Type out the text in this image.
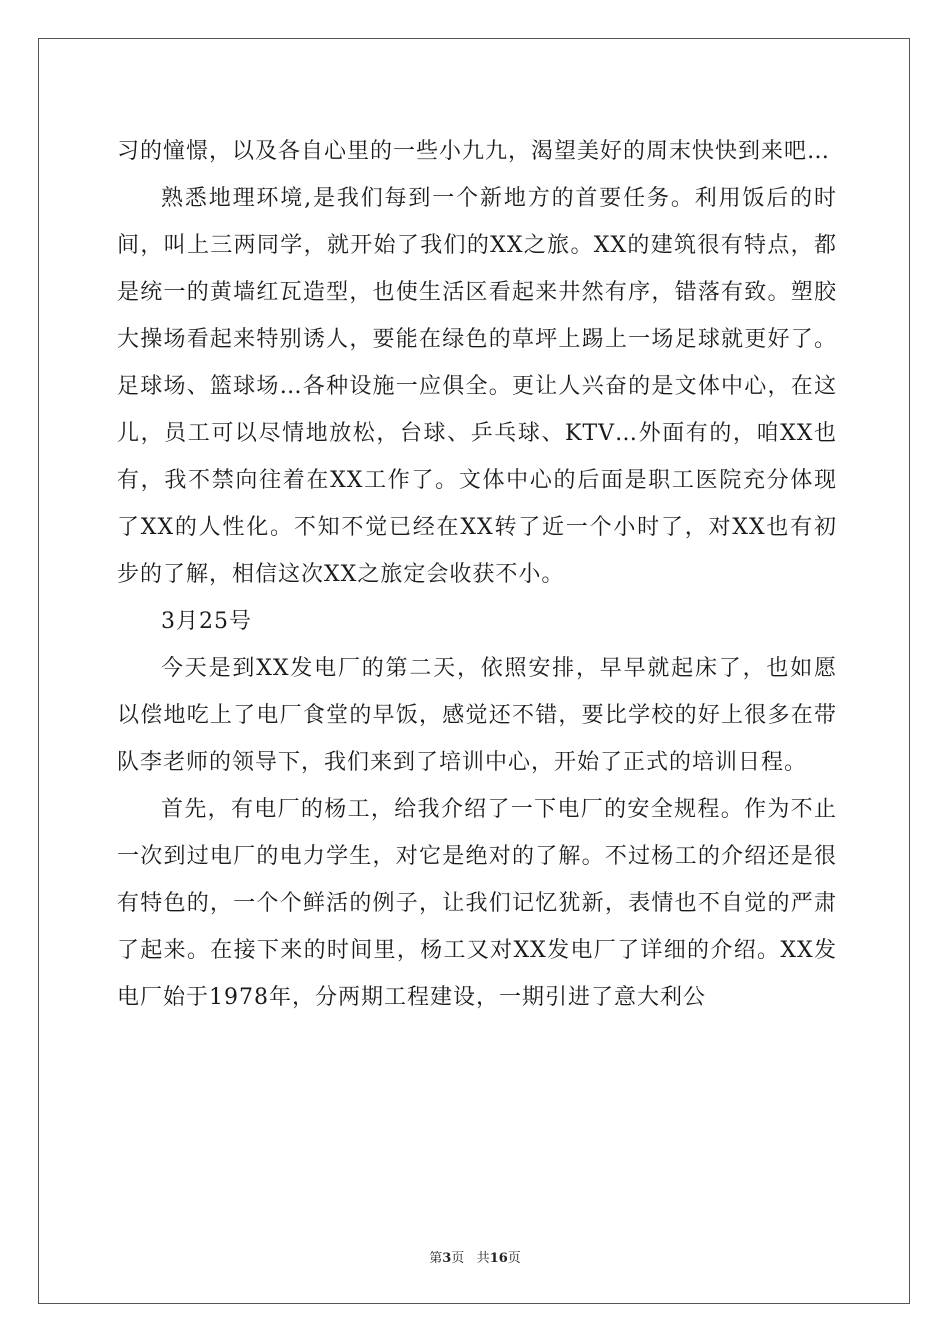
习的憧憬，以及各自心里的一些小九九，渴望美好的周末快快到来吧…

熟悉地理环境,是我们每到一个新地方的首要任务。利用饭后的时间，叫上三两同学，就开始了我们的XX之旅。XX的建筑很有特点，都是统一的黄墙红瓦造型，也使生活区看起来井然有序，错落有致。塑胶大操场看起来特别诱人，要能在绿色的草坪上踢上一场足球就更好了。足球场、篮球场…各种设施一应俱全。更让人兴奋的是文体中心，在这儿，员工可以尽情地放松，台球、乒乓球、KTV…外面有的，咱XX也有，我不禁向往着在XX工作了。文体中心的后面是职工医院充分体现了XX的人性化。不知不觉已经在XX转了近一个小时了，对XX也有初步的了解，相信这次XX之旅定会收获不小。

3月25号

今天是到XX发电厂的第二天，依照安排，早早就起床了，也如愿以偿地吃上了电厂食堂的早饭，感觉还不错，要比学校的好上很多在带队李老师的领导下，我们来到了培训中心，开始了正式的培训日程。

首先，有电厂的杨工，给我介绍了一下电厂的安全规程。作为不止一次到过电厂的电力学生，对它是绝对的了解。不过杨工的介绍还是很有特色的，一个个鲜活的例子，让我们记忆犹新，表情也不自觉的严肃了起来。在接下来的时间里，杨工又对XX发电厂了详细的介绍。XX发电厂始于1978年，分两期工程建设，一期引进了意大利公

第3页 共16页
